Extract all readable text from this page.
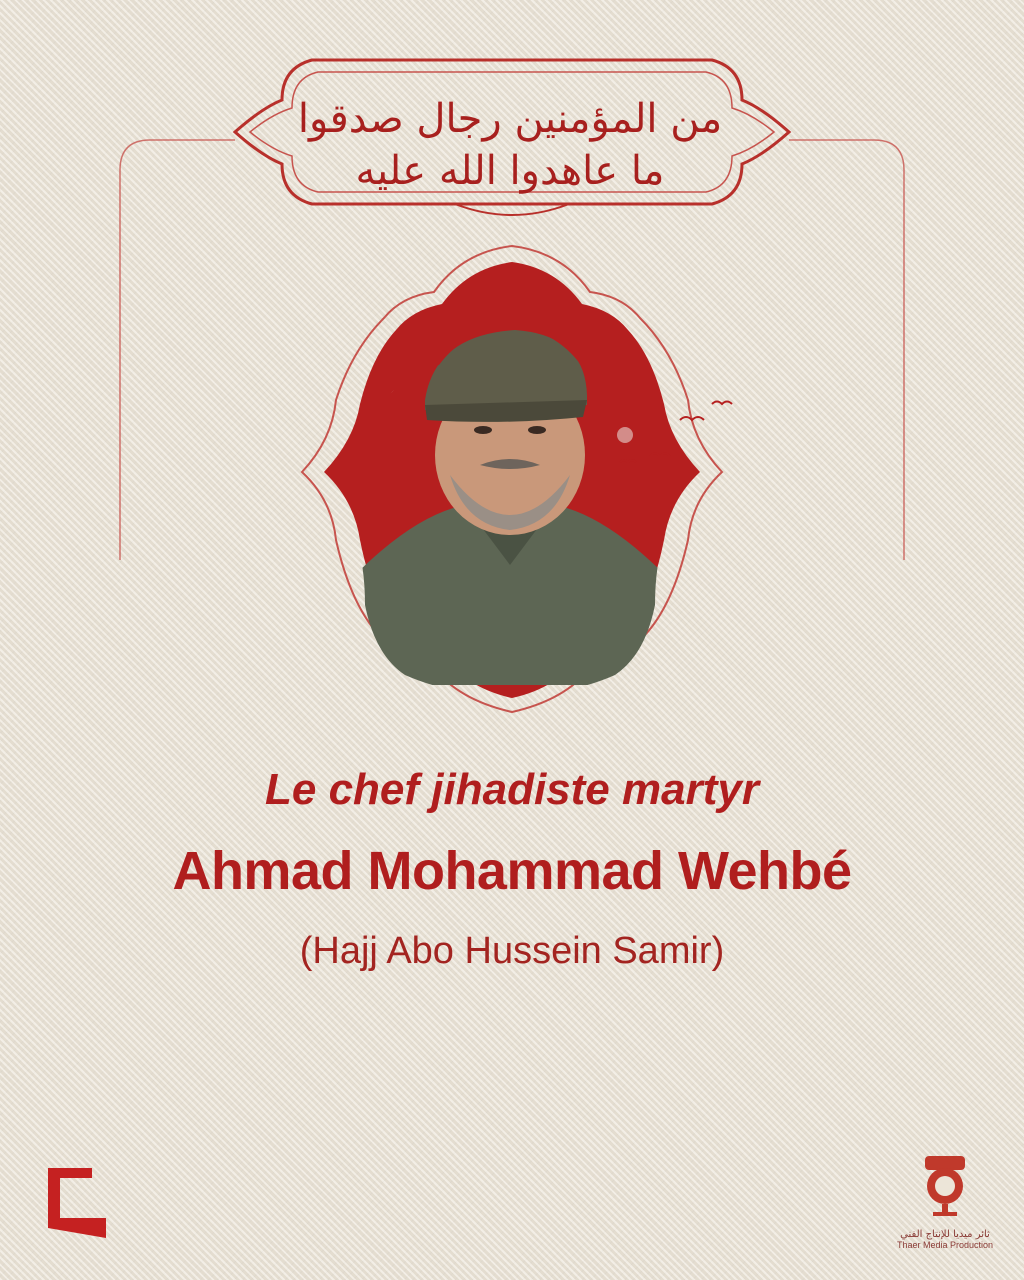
من المؤمنين رجال صدقوا ما عاهدوا الله عليه
Le chef jihadiste martyr
Ahmad Mohammad Wehbé
(Hajj Abo Hussein Samir)
ثائر ميديا للإنتاج الفني
Thaer Media Production
